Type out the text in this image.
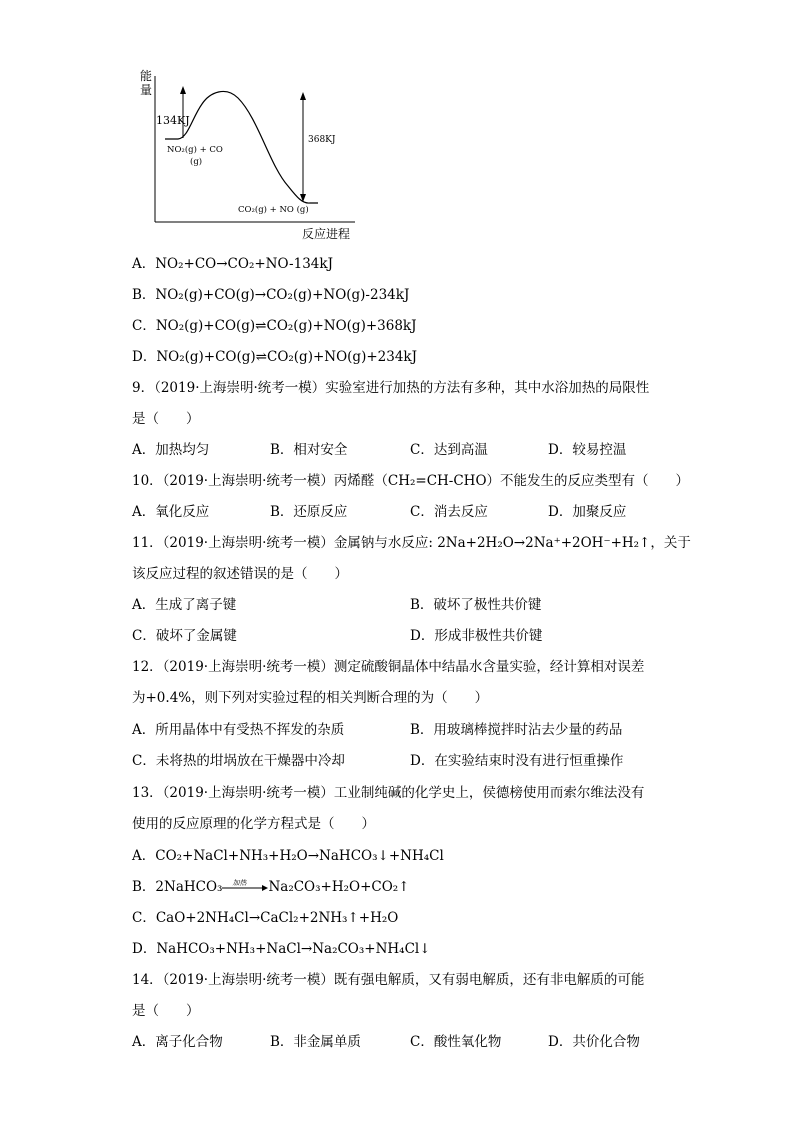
能
量
反应进程
134KJ
368KJ
NO₂(g) + CO
(g)
CO₂(g) + NO (g)
A．NO₂+CO→CO₂+NO-134kJ
B．NO₂(g)+CO(g)→CO₂(g)+NO(g)-234kJ
C．NO₂(g)+CO(g)⇌CO₂(g)+NO(g)+368kJ
D．NO₂(g)+CO(g)⇌CO₂(g)+NO(g)+234kJ
9．（2019·上海崇明·统考一模）实验室进行加热的方法有多种，其中水浴加热的局限性
是（　　）
A．加热均匀	B．相对安全	C．达到高温	D．较易控温
10．（2019·上海崇明·统考一模）丙烯醛（CH₂=CH-CHO）不能发生的反应类型有（　　）
A．氧化反应	B．还原反应	C．消去反应	D．加聚反应
11．（2019·上海崇明·统考一模）金属钠与水反应: 2Na+2H₂O→2Na⁺+2OH⁻+H₂↑，关于
该反应过程的叙述错误的是（　　）
A．生成了离子键	B．破坏了极性共价键
C．破坏了金属键	D．形成非极性共价键
12．（2019·上海崇明·统考一模）测定硫酸铜晶体中结晶水含量实验，经计算相对误差
为+0.4%，则下列对实验过程的相关判断合理的为（　　）
A．所用晶体中有受热不挥发的杂质	B．用玻璃棒搅拌时沾去少量的药品
C．未将热的坩埚放在干燥器中冷却	D．在实验结束时没有进行恒重操作
13．（2019·上海崇明·统考一模）工业制纯碱的化学史上，侯德榜使用而索尔维法没有
使用的反应原理的化学方程式是（　　）
A．CO₂+NaCl+NH₃+H₂O→NaHCO₃↓+NH₄Cl
B．2NaHCO₃ 加热 Na₂CO₃+H₂O+CO₂↑
C．CaO+2NH₄Cl→CaCl₂+2NH₃↑+H₂O
D．NaHCO₃+NH₃+NaCl→Na₂CO₃+NH₄Cl↓
14．（2019·上海崇明·统考一模）既有强电解质，又有弱电解质，还有非电解质的可能
是（　　）
A．离子化合物	B．非金属单质	C．酸性氧化物	D．共价化合物
